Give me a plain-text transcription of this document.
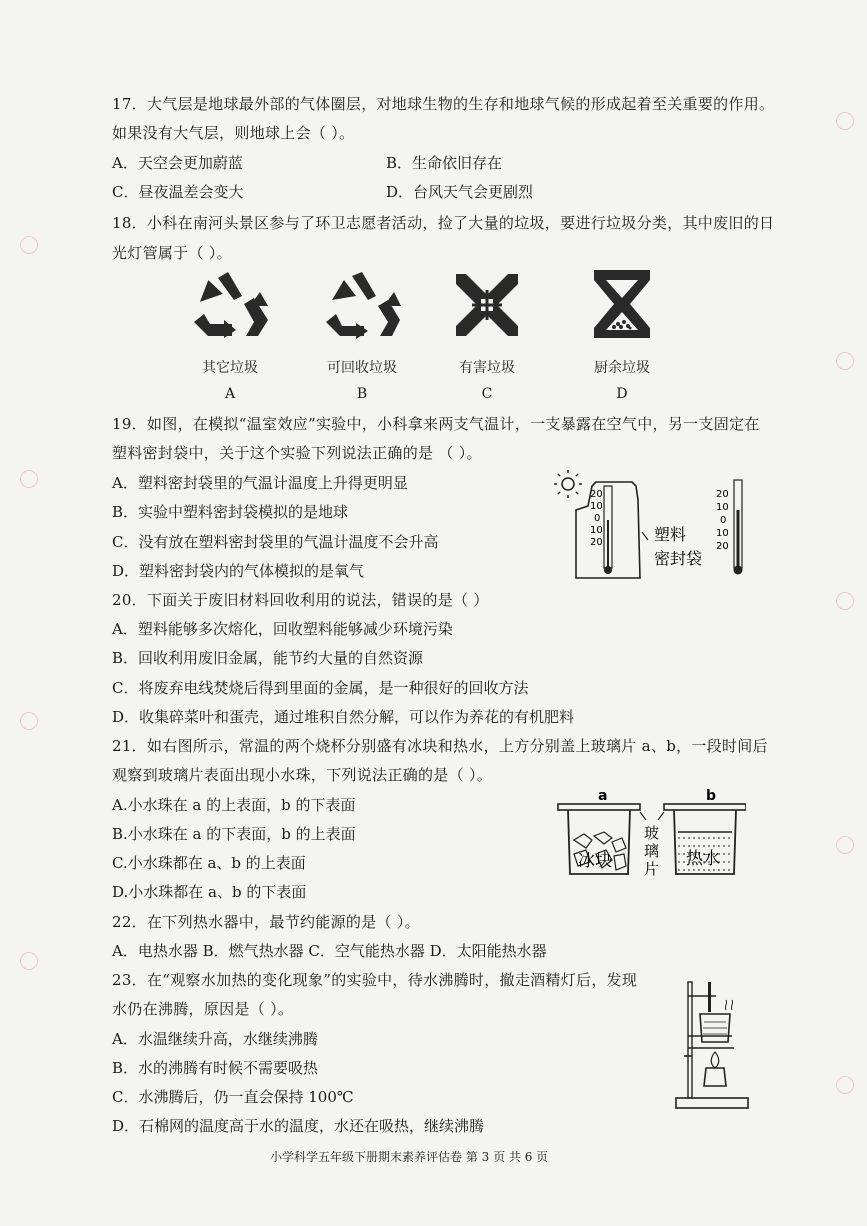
17．大气层是地球最外部的气体圈层，对地球生物的生存和地球气候的形成起着至关重要的作用。
如果没有大气层，则地球上会（ ）。
A．天空会更加蔚蓝	B．生命依旧存在
C．昼夜温差会变大	D．台风天气会更剧烈
18．小科在南河头景区参与了环卫志愿者活动，捡了大量的垃圾，要进行垃圾分类，其中废旧的日
光灯管属于（ ）。
其它垃圾	可回收垃圾	有害垃圾	厨余垃圾
A	B	C	D
19．如图，在模拟“温室效应”实验中，小科拿来两支气温计，一支暴露在空气中，另一支固定在
塑料密封袋中，关于这个实验下列说法正确的是 （ ）。
A．塑料密封袋里的气温计温度上升得更明显
B．实验中塑料密封袋模拟的是地球
C．没有放在塑料密封袋里的气温计温度不会升高
D．塑料密封袋内的气体模拟的是氧气
20
10
0
10
20	塑料
密封袋
20
10
0
10
20
20．下面关于废旧材料回收利用的说法，错误的是（ ）
A．塑料能够多次熔化，回收塑料能够减少环境污染
B．回收利用废旧金属，能节约大量的自然资源
C．将废弃电线焚烧后得到里面的金属，是一种很好的回收方法
D．收集碎菜叶和蛋壳，通过堆积自然分解，可以作为养花的有机肥料
21．如右图所示，常温的两个烧杯分别盛有冰块和热水，上方分别盖上玻璃片 a、b，一段时间后
观察到玻璃片表面出现小水珠，下列说法正确的是（ ）。
A.小水珠在 a 的上表面，b 的下表面
B.小水珠在 a 的下表面，b 的上表面
C.小水珠都在 a、b 的上表面
D.小水珠都在 a、b 的下表面
a	b
冰块	热水
玻
璃
片
22．在下列热水器中，最节约能源的是（ ）。
A．电热水器 B．燃气热水器 C．空气能热水器 D．太阳能热水器
23．在“观察水加热的变化现象”的实验中，待水沸腾时，撤走酒精灯后，发现
水仍在沸腾，原因是（ ）。
A．水温继续升高，水继续沸腾
B．水的沸腾有时候不需要吸热
C．水沸腾后，仍一直会保持 100℃
D．石棉网的温度高于水的温度，水还在吸热，继续沸腾
小学科学五年级下册期末素养评估卷 第 3 页 共 6 页
